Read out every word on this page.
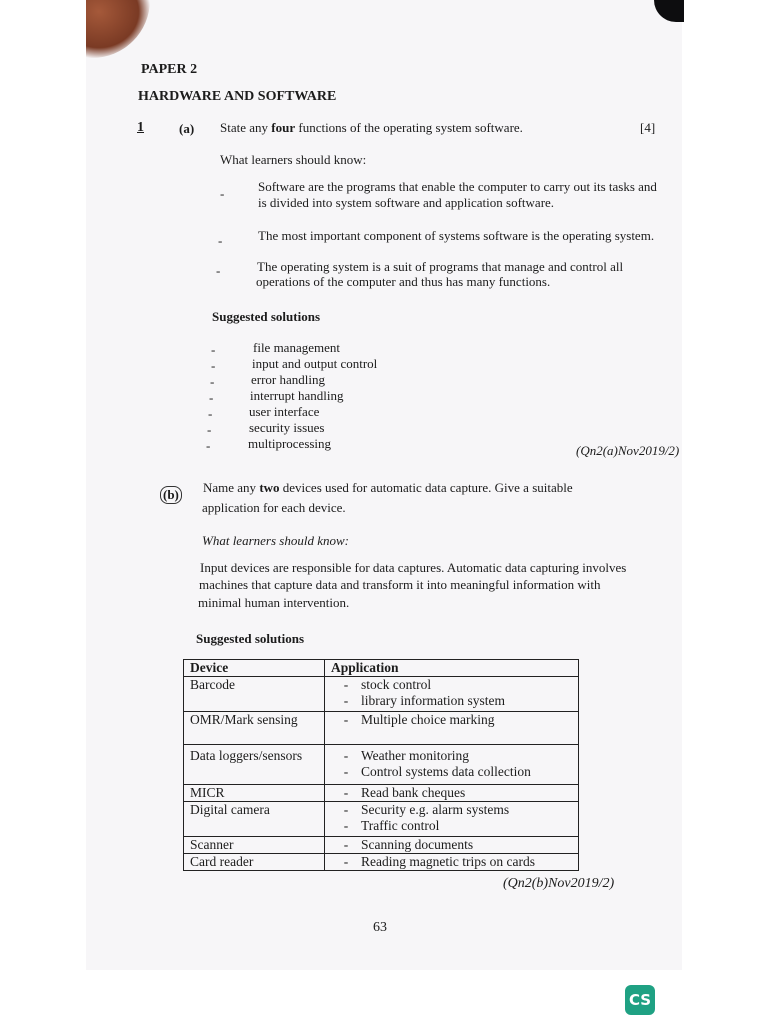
PAPER 2
HARDWARE AND SOFTWARE
1	(a) State any four functions of the operating system software.	[4]
What learners should know:
-	Software are the programs that enable the computer to carry out its tasks and
is divided into system software and application software.
-	The most important component of systems software is the operating system.
-	The operating system is a suit of programs that manage and control all
operations of the computer and thus has many functions.
Suggested solutions
-	file management
-	input and output control
-	error handling
-	interrupt handling
-	user interface
-	security issues
-	multiprocessing	(Qn2(a)Nov2019/2)
(b) Name any two devices used for automatic data capture. Give a suitable
application for each device.
What learners should know:
Input devices are responsible for data captures. Automatic data capturing involves
machines that capture data and transform it into meaningful information with
minimal human intervention.
Suggested solutions
Device	Application
Barcode	- stock control
- library information system

OMR/Mark sensing	- Multiple choice marking

Data loggers/sensors	- Weather monitoring
- Control systems data collection

MICR	- Read bank cheques

Digital camera	- Security e.g. alarm systems
- Traffic control

Scanner	- Scanning documents

Card reader	- Reading magnetic trips on cards
(Qn2(b)Nov2019/2)
63
CS
